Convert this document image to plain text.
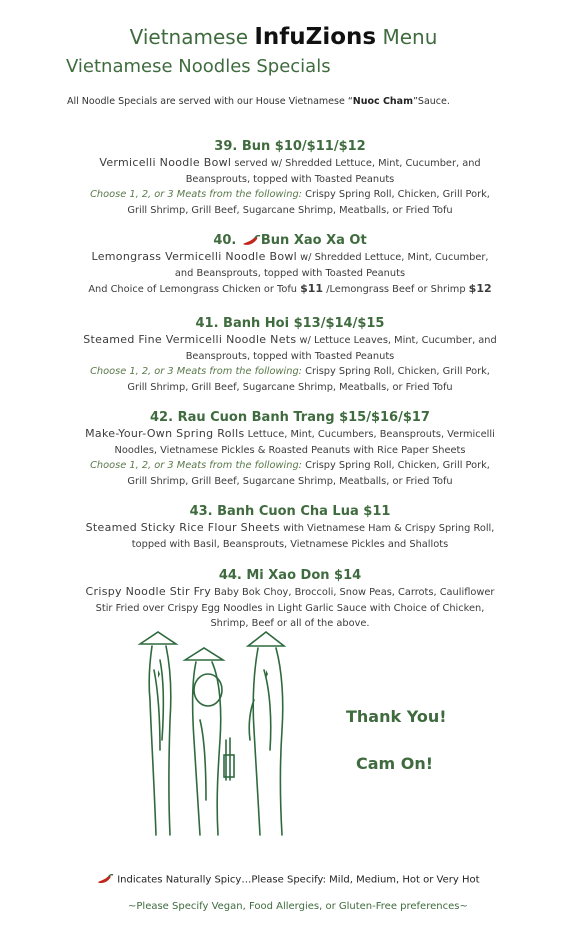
Vietnamese InfuZions Menu
Vietnamese Noodles Specials
All Noodle Specials are served with our House Vietnamese “Nuoc Cham”Sauce.
39. Bun $10/$11/$12
Vermicelli Noodle Bowl served w/ Shredded Lettuce, Mint, Cucumber, and
Beansprouts, topped with Toasted Peanuts
Choose 1, 2, or 3 Meats from the following: Crispy Spring Roll, Chicken, Grill Pork,
Grill Shrimp, Grill Beef, Sugarcane Shrimp, Meatballs, or Fried Tofu
40. Bun Xao Xa Ot
Lemongrass Vermicelli Noodle Bowl w/ Shredded Lettuce, Mint, Cucumber,
and Beansprouts, topped with Toasted Peanuts
And Choice of Lemongrass Chicken or Tofu $11 /Lemongrass Beef or Shrimp $12
41. Banh Hoi $13/$14/$15
Steamed Fine Vermicelli Noodle Nets w/ Lettuce Leaves, Mint, Cucumber, and
Beansprouts, topped with Toasted Peanuts
Choose 1, 2, or 3 Meats from the following: Crispy Spring Roll, Chicken, Grill Pork,
Grill Shrimp, Grill Beef, Sugarcane Shrimp, Meatballs, or Fried Tofu
42. Rau Cuon Banh Trang $15/$16/$17
Make-Your-Own Spring Rolls Lettuce, Mint, Cucumbers, Beansprouts, Vermicelli
Noodles, Vietnamese Pickles & Roasted Peanuts with Rice Paper Sheets
Choose 1, 2, or 3 Meats from the following: Crispy Spring Roll, Chicken, Grill Pork,
Grill Shrimp, Grill Beef, Sugarcane Shrimp, Meatballs, or Fried Tofu
43. Banh Cuon Cha Lua $11
Steamed Sticky Rice Flour Sheets with Vietnamese Ham & Crispy Spring Roll,
topped with Basil, Beansprouts, Vietnamese Pickles and Shallots
44. Mi Xao Don $14
Crispy Noodle Stir Fry Baby Bok Choy, Broccoli, Snow Peas, Carrots, Cauliflower
Stir Fried over Crispy Egg Noodles in Light Garlic Sauce with Choice of Chicken,
Shrimp, Beef or all of the above.
Thank You!
Cam On!
Indicates Naturally Spicy…Please Specify: Mild, Medium, Hot or Very Hot
~Please Specify Vegan, Food Allergies, or Gluten-Free preferences~
